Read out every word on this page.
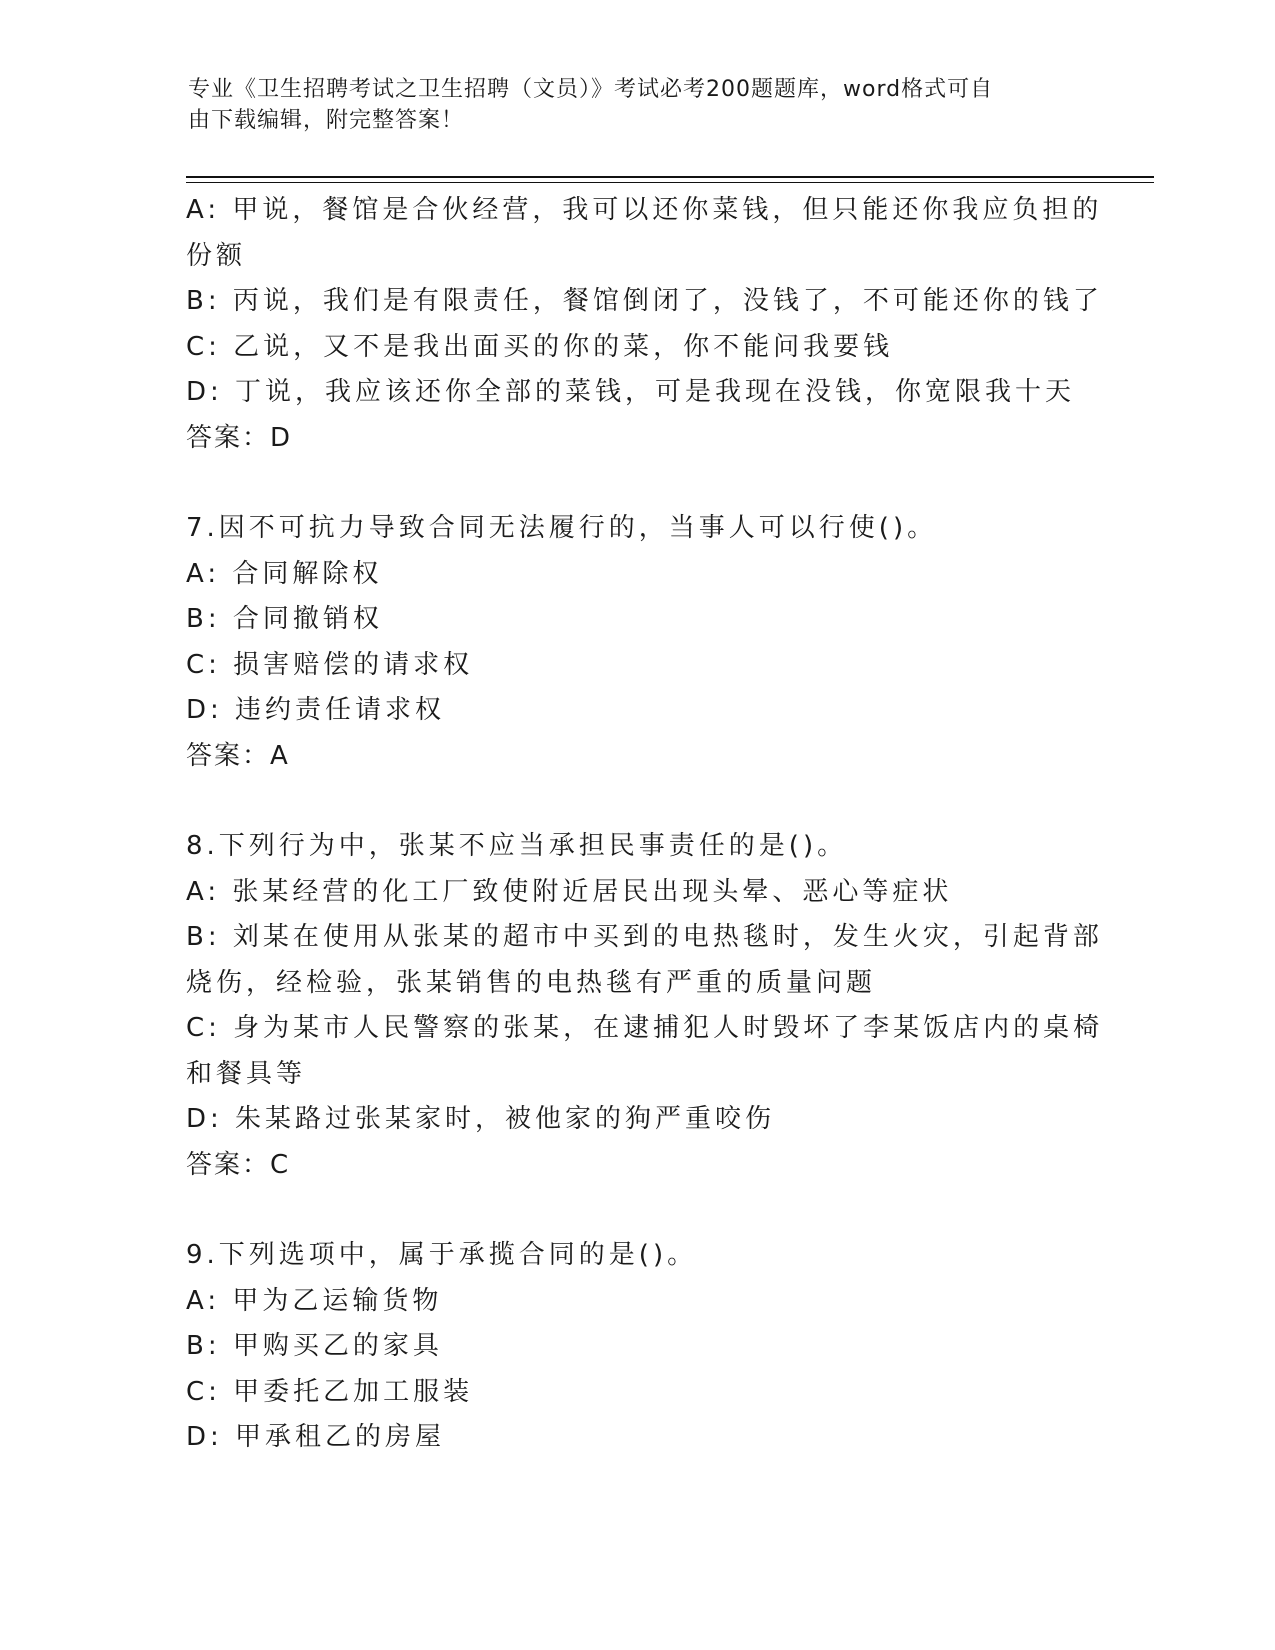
专业《卫生招聘考试之卫生招聘（文员）》考试必考200题题库，word格式可自
由下载编辑，附完整答案！
A: 甲说，餐馆是合伙经营，我可以还你菜钱，但只能还你我应负担的
份额
B: 丙说，我们是有限责任，餐馆倒闭了，没钱了，不可能还你的钱了
C: 乙说，又不是我出面买的你的菜，你不能问我要钱
D: 丁说，我应该还你全部的菜钱，可是我现在没钱，你宽限我十天
答案：D
7.因不可抗力导致合同无法履行的，当事人可以行使()。
A: 合同解除权
B: 合同撤销权
C: 损害赔偿的请求权
D: 违约责任请求权
答案：A
8.下列行为中，张某不应当承担民事责任的是()。
A: 张某经营的化工厂致使附近居民出现头晕、恶心等症状
B: 刘某在使用从张某的超市中买到的电热毯时，发生火灾，引起背部
烧伤，经检验，张某销售的电热毯有严重的质量问题
C: 身为某市人民警察的张某，在逮捕犯人时毁坏了李某饭店内的桌椅
和餐具等
D: 朱某路过张某家时，被他家的狗严重咬伤
答案：C
9.下列选项中，属于承揽合同的是()。
A: 甲为乙运输货物
B: 甲购买乙的家具
C: 甲委托乙加工服装
D: 甲承租乙的房屋
